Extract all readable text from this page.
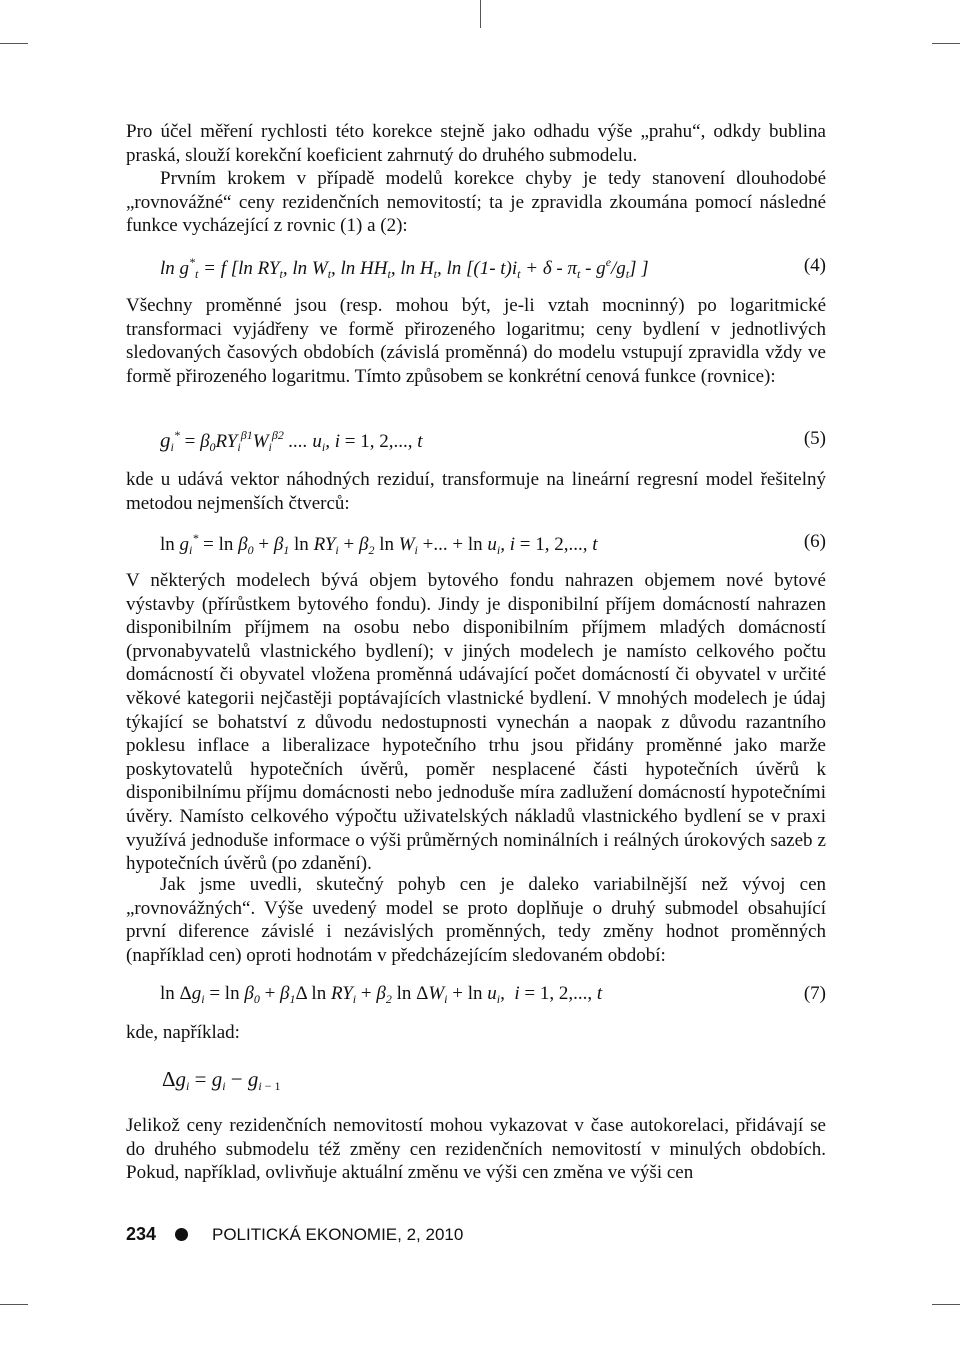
Pro účel měření rychlosti této korekce stejně jako odhadu výše „prahu“, odkdy bublina praská, slouží korekční koeficient zahrnutý do druhého submodelu.

Prvním krokem v případě modelů korekce chyby je tedy stanovení dlouhodobé „rovnovážné“ ceny rezidenčních nemovitostí; ta je zpravidla zkoumána pomocí následné funkce vycházející z rovnic (1) a (2):

$\ln g^*_t = f$ [ln $RY_t$, $\ln W_t$, $\ln HH_t$, $\ln H_t$, ln [(1- $t)i_t + \delta - \pi_t - g^e/g_t$] ]	(4)

Všechny proměnné jsou (resp. mohou být, je-li vztah mocninný) po logaritmické transformaci vyjádřeny ve formě přirozeného logaritmu; ceny bydlení v jednotlivých sledovaných časových obdobích (závislá proměnná) do modelu vstupují zpravidla vždy ve formě přirozeného logaritmu. Tímto způsobem se konkrétní cenová funkce (rovnice):

$g_i^* = \beta_0RY_i^{\beta 1}W_i^{\beta 2}$ .... $u_i$, i = 1, 2,..., t	(5)

kde u udává vektor náhodných reziduí, transformuje na lineární regresní model řešitelný metodou nejmenších čtverců:

$\ln g_i^* = \ln \beta_0 + \beta_1$ $\ln RY_i + \beta_2$ $\ln W_i$ +... + $\ln u_i$, i = 1, 2,..., t	(6)

V některých modelech bývá objem bytového fondu nahrazen objemem nové bytové výstavby (přírůstkem bytového fondu). Jindy je disponibilní příjem domácností nahrazen disponibilním příjmem na osobu nebo disponibilním příjmem mladých domácností (prvonabyvatelů vlastnického bydlení); v jiných modelech je namísto celkového počtu domácností či obyvatel vložena proměnná udávající počet domácností či obyvatel v určité věkové kategorii nejčastěji poptávajících vlastnické bydlení. V mnohých modelech je údaj týkající se bohatství z důvodu nedostupnosti vynechán a naopak z důvodu razantního poklesu inflace a liberalizace hypotečního trhu jsou přidány proměnné jako marže poskytovatelů hypotečních úvěrů, poměr nesplacené části hypotečních úvěrů k disponibilnímu příjmu domácnosti nebo jednoduše míra zadlužení domácností hypotečními úvěry. Namísto celkového výpočtu uživatelských nákladů vlastnického bydlení se v praxi využívá jednoduše informace o výši průměrných nominálních i reálných úrokových sazeb z hypotečních úvěrů (po zdanění).

Jak jsme uvedli, skutečný pohyb cen je daleko variabilnější než vývoj cen „rovnovážných“. Výše uvedený model se proto doplňuje o druhý submodel obsahující první diference závislé i nezávislých proměnných, tedy změny hodnot proměnných (například cen) oproti hodnotám v předcházejícím sledovaném období:

$\ln \Delta g_i = \ln \beta_0 + \beta_1\Delta$ $\ln RY_i + \beta_2$ $\ln \Delta W_i + \ln u_i$,  i = 1, 2,..., t	(7)

kde, například:

$\Delta g_i = g_i - g_{i - 1}$

Jelikož ceny rezidenčních nemovitostí mohou vykazovat v čase autokorelaci, přidávají se do druhého submodelu též změny cen rezidenčních nemovitostí v minulých obdobích. Pokud, například, ovlivňuje aktuální změnu ve výši cen změna ve výši cen

234	POLITICKÁ EKONOMIE, 2, 2010
